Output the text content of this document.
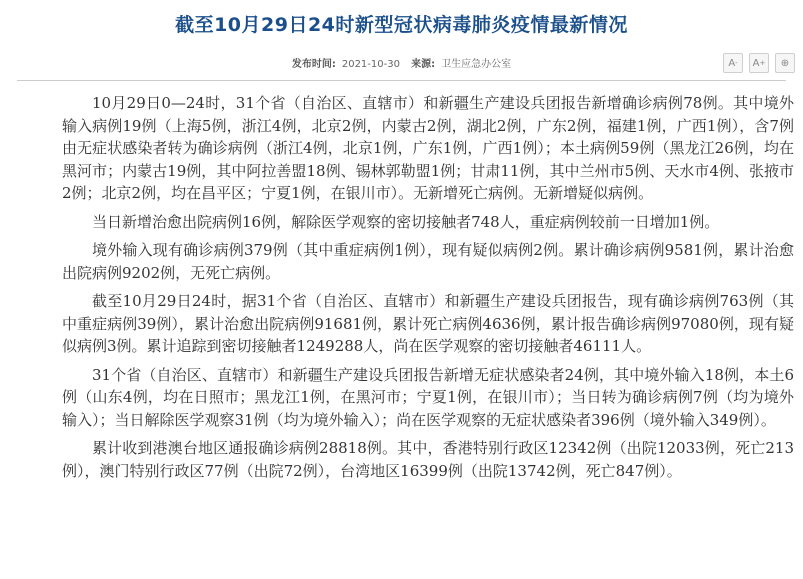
截至10月29日24时新型冠状病毒肺炎疫情最新情况
发布时间: 2021-10-30 来源: 卫生应急办公室	A - A + ⊕

10月29日0—24时，31个省（自治区、直辖市）和新疆生产建设兵团报告新增确诊病例78例。其中境外输入病例19例（上海5例，浙江4例，北京2例，内蒙古2例，湖北2例，广东2例，福建1例，广西1例），含7例由无症状感染者转为确诊病例（浙江4例，北京1例，广东1例，广西1例）；本土病例59例（黑龙江26例，均在黑河市；内蒙古19例，其中阿拉善盟18例、锡林郭勒盟1例；甘肃11例，其中兰州市5例、天水市4例、张掖市2例；北京2例，均在昌平区；宁夏1例，在银川市）。无新增死亡病例。无新增疑似病例。

当日新增治愈出院病例16例，解除医学观察的密切接触者748人，重症病例较前一日增加1例。

境外输入现有确诊病例379例（其中重症病例1例），现有疑似病例2例。累计确诊病例9581例，累计治愈出院病例9202例，无死亡病例。

截至10月29日24时，据31个省（自治区、直辖市）和新疆生产建设兵团报告，现有确诊病例763例（其中重症病例39例），累计治愈出院病例91681例，累计死亡病例4636例，累计报告确诊病例97080例，现有疑似病例3例。累计追踪到密切接触者1249288人，尚在医学观察的密切接触者46111人。

31个省（自治区、直辖市）和新疆生产建设兵团报告新增无症状感染者24例，其中境外输入18例，本土6例（山东4例，均在日照市；黑龙江1例，在黑河市；宁夏1例，在银川市）；当日转为确诊病例7例（均为境外输入）；当日解除医学观察31例（均为境外输入）；尚在医学观察的无症状感染者396例（境外输入349例）。

累计收到港澳台地区通报确诊病例28818例。其中，香港特别行政区12342例（出院12033例，死亡213例），澳门特别行政区77例（出院72例），台湾地区16399例（出院13742例，死亡847例）。
